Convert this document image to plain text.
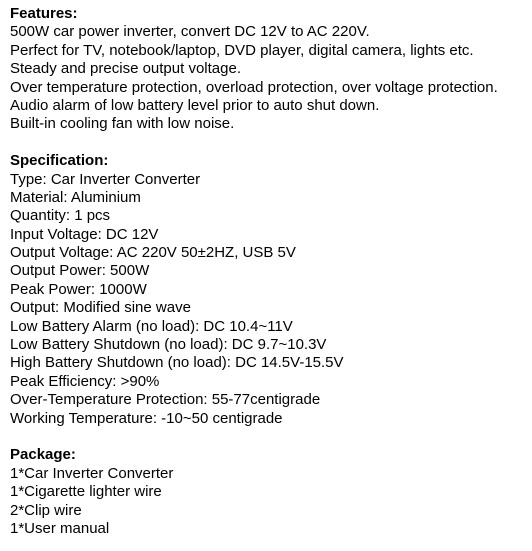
Features:
500W car power inverter, convert DC 12V to AC 220V.
Perfect for TV, notebook/laptop, DVD player, digital camera, lights etc.
Steady and precise output voltage.
Over temperature protection, overload protection, over voltage protection.
Audio alarm of low battery level prior to auto shut down.
Built-in cooling fan with low noise.
Specification:
Type: Car Inverter Converter
Material: Aluminium
Quantity: 1 pcs
Input Voltage: DC 12V
Output Voltage: AC 220V 50±2HZ, USB 5V
Output Power: 500W
Peak Power: 1000W
Output: Modified sine wave
Low Battery Alarm (no load): DC 10.4~11V
Low Battery Shutdown (no load): DC 9.7~10.3V
High Battery Shutdown (no load): DC 14.5V-15.5V
Peak Efficiency: >90%
Over-Temperature Protection: 55-77centigrade
Working Temperature: -10~50 centigrade
Package:
1*Car Inverter Converter
1*Cigarette lighter wire
2*Clip wire
1*User manual
